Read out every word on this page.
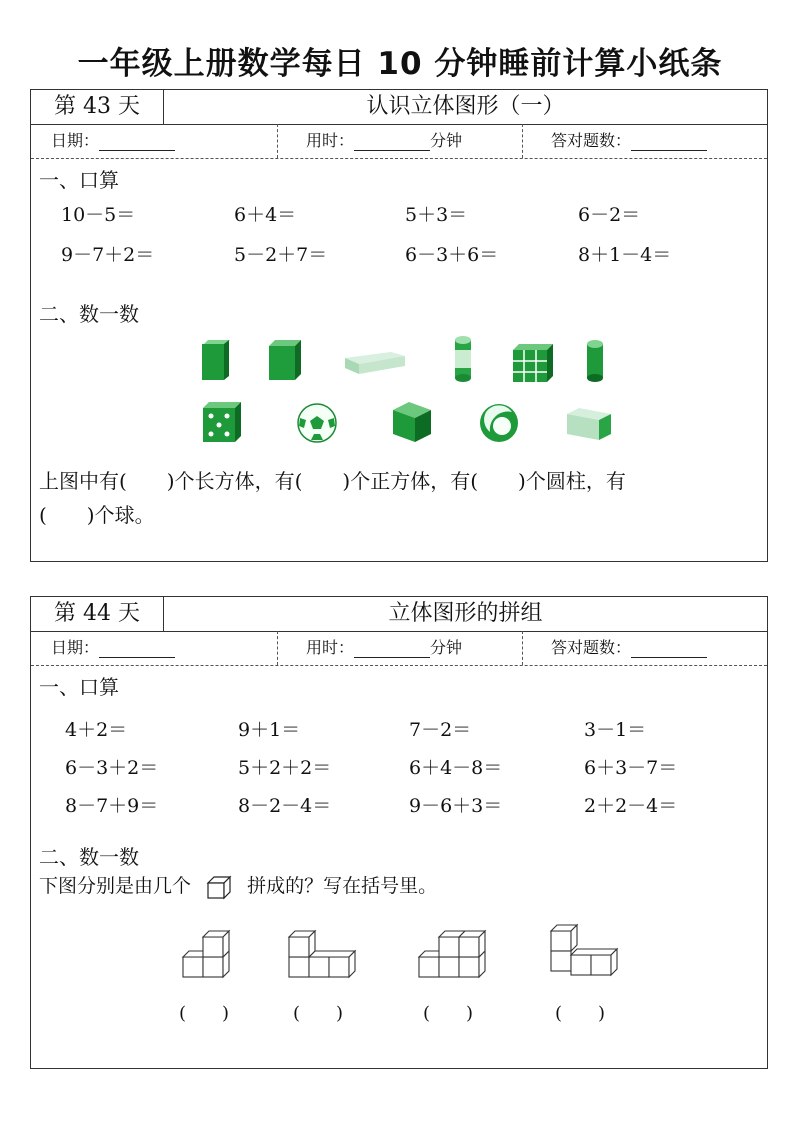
一年级上册数学每日 10 分钟睡前计算小纸条
第 43 天	认识立体图形（一）
日期：	用时：	分钟	答对题数：
一、口算
10－5＝	6＋4＝	5＋3＝	6－2＝
9－7＋2＝	5－2＋7＝	6－3＋6＝	8＋1－4＝
二、数一数
上图中有(　　)个长方体，有(　　)个正方体，有(　　)个圆柱，有
(　　)个球。
第 44 天	立体图形的拼组
日期：	用时：	分钟	答对题数：
一、口算
4＋2＝	9＋1＝	7－2＝	3－1＝
6－3＋2＝	5＋2＋2＝	6＋4－8＝	6＋3－7＝
8－7＋9＝	8－2－4＝	9－6＋3＝	2＋2－4＝
二、数一数
下图分别是由几个	拼成的？写在括号里。
(　　)	(　　)	(　　)	(　　)
